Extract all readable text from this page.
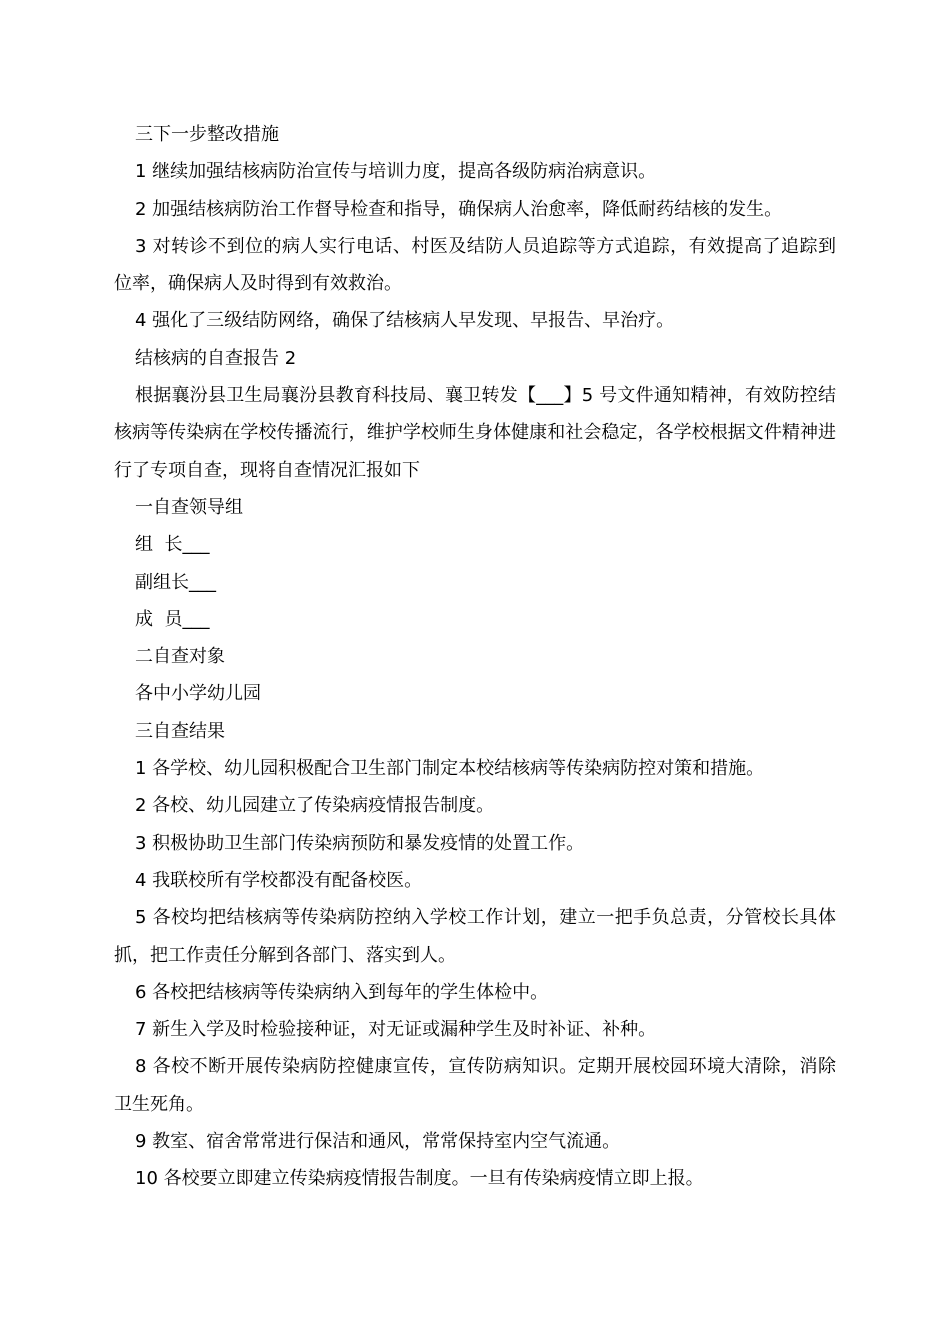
三下一步整改措施

1 继续加强结核病防治宣传与培训力度，提高各级防病治病意识。

2 加强结核病防治工作督导检查和指导，确保病人治愈率，降低耐药结核的发生。

3 对转诊不到位的病人实行电话、村医及结防人员追踪等方式追踪，有效提高了追踪到位率，确保病人及时得到有效救治。

4 强化了三级结防网络，确保了结核病人早发现、早报告、早治疗。

结核病的自查报告 2

根据襄汾县卫生局襄汾县教育科技局、襄卫转发【___】5 号文件通知精神，有效防控结核病等传染病在学校传播流行，维护学校师生身体健康和社会稳定，各学校根据文件精神进行了专项自查，现将自查情况汇报如下

一自查领导组

组  长___

副组长___

成  员___

二自查对象

各中小学幼儿园

三自查结果

1 各学校、幼儿园积极配合卫生部门制定本校结核病等传染病防控对策和措施。

2 各校、幼儿园建立了传染病疫情报告制度。

3 积极协助卫生部门传染病预防和暴发疫情的处置工作。

4 我联校所有学校都没有配备校医。

5 各校均把结核病等传染病防控纳入学校工作计划，建立一把手负总责，分管校长具体抓，把工作责任分解到各部门、落实到人。

6 各校把结核病等传染病纳入到每年的学生体检中。

7 新生入学及时检验接种证，对无证或漏种学生及时补证、补种。

8 各校不断开展传染病防控健康宣传，宣传防病知识。定期开展校园环境大清除，消除卫生死角。

9 教室、宿舍常常进行保洁和通风，常常保持室内空气流通。

10 各校要立即建立传染病疫情报告制度。一旦有传染病疫情立即上报。
